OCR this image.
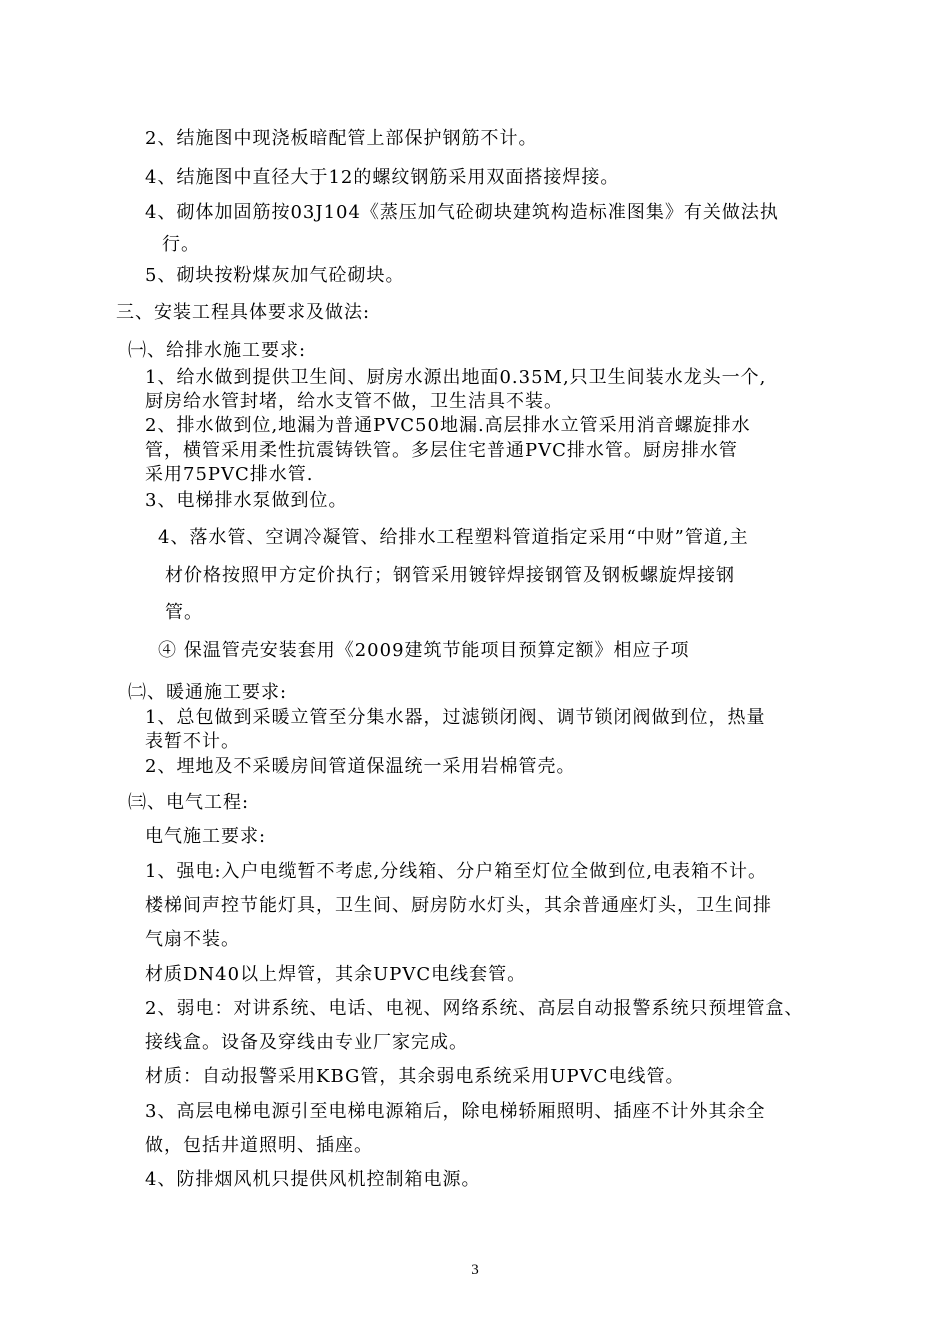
2、结施图中现浇板暗配管上部保护钢筋不计。
4、结施图中直径大于12的螺纹钢筋采用双面搭接焊接。
4、砌体加固筋按03J104《蒸压加气砼砌块建筑构造标准图集》有关做法执
行。
5、砌块按粉煤灰加气砼砌块。
三、安装工程具体要求及做法:
㈠、给排水施工要求:
1、给水做到提供卫生间、厨房水源出地面0.35M,只卫生间装水龙头一个,
厨房给水管封堵，给水支管不做，卫生洁具不装。
2、排水做到位,地漏为普通PVC50地漏.高层排水立管采用消音螺旋排水
管，横管采用柔性抗震铸铁管。多层住宅普通PVC排水管。厨房排水管
采用75PVC排水管.
3、电梯排水泵做到位。
4、落水管、空调冷凝管、给排水工程塑料管道指定采用“中财”管道,主
材价格按照甲方定价执行；钢管采用镀锌焊接钢管及钢板螺旋焊接钢
管。
④ 保温管壳安装套用《2009建筑节能项目预算定额》相应子项
㈡、暖通施工要求:
1、总包做到采暖立管至分集水器，过滤锁闭阀、调节锁闭阀做到位，热量
表暂不计。
2、埋地及不采暖房间管道保温统一采用岩棉管壳。
㈢、电气工程:
电气施工要求:
1、强电:入户电缆暂不考虑,分线箱、分户箱至灯位全做到位,电表箱不计。
楼梯间声控节能灯具，卫生间、厨房防水灯头，其余普通座灯头，卫生间排
气扇不装。
材质DN40以上焊管，其余UPVC电线套管。
2、弱电：对讲系统、电话、电视、网络系统、高层自动报警系统只预埋管盒、
接线盒。设备及穿线由专业厂家完成。
材质：自动报警采用KBG管，其余弱电系统采用UPVC电线管。
3、高层电梯电源引至电梯电源箱后，除电梯轿厢照明、插座不计外其余全
做，包括井道照明、插座。
4、防排烟风机只提供风机控制箱电源。
3
